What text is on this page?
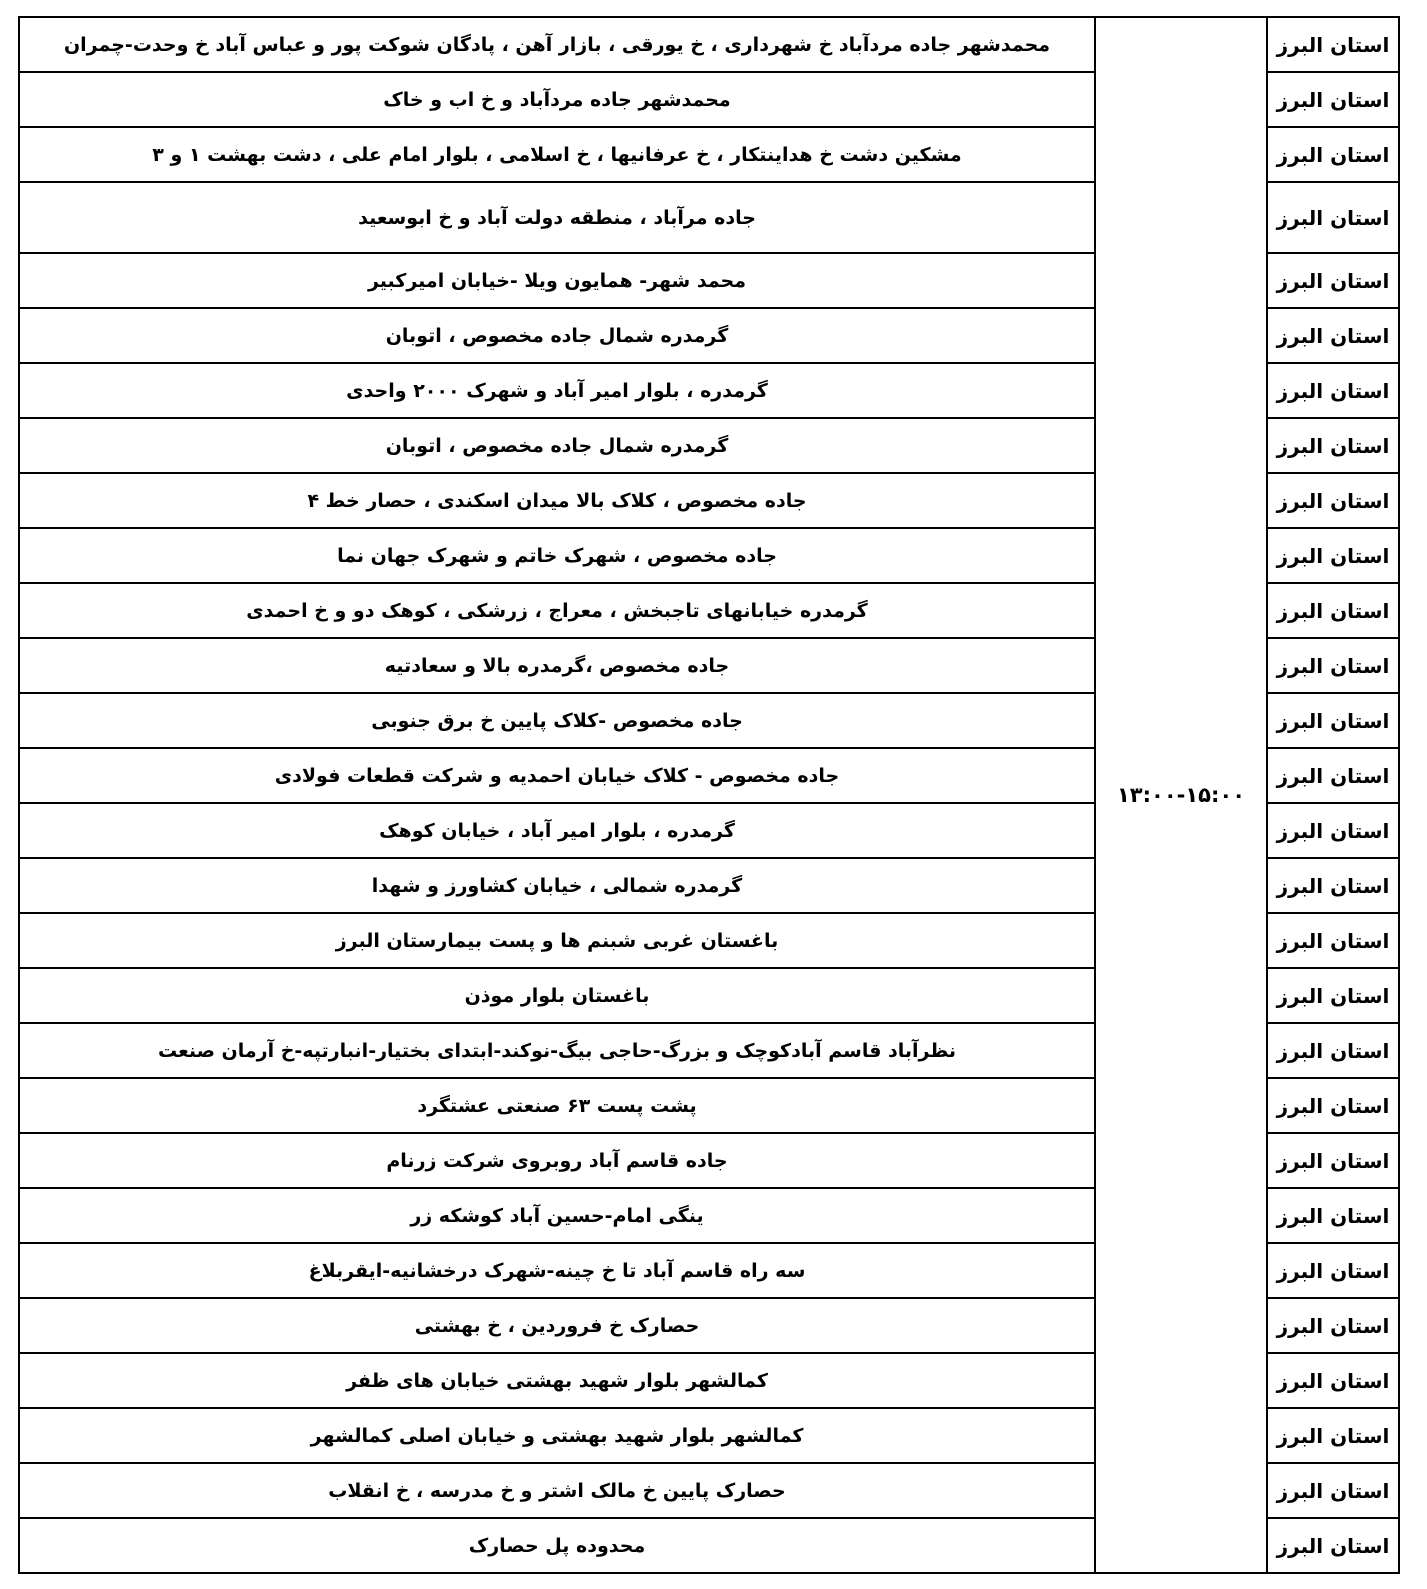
استان البرز	۱۳:۰۰-۱۵:۰۰	محمدشهر جاده مردآباد خ شهرداری ، خ یورقی ، بازار آهن ، پادگان شوکت پور و عباس آباد خ وحدت-چمران
استان البرز		محمدشهر جاده مردآباد و خ اب و خاک
استان البرز		مشکین دشت خ هداینتکار ، خ عرفانیها ، خ اسلامی ، بلوار امام علی ، دشت بهشت ۱ و ۳
استان البرز		جاده مرآباد ، منطقه دولت آباد و خ ابوسعید
استان البرز		محمد شهر- همایون ویلا -خیابان امیرکبیر
استان البرز		گرمدره شمال جاده مخصوص ، اتوبان
استان البرز		گرمدره ، بلوار امیر آباد و شهرک ۲۰۰۰ واحدی
استان البرز		گرمدره شمال جاده مخصوص ، اتوبان
استان البرز		جاده مخصوص ، کلاک بالا میدان اسکندی ، حصار خط ۴
استان البرز		جاده مخصوص ، شهرک خاتم و شهرک جهان نما
استان البرز		گرمدره خیابانهای تاجبخش ، معراج ، زرشکی ، کوهک دو و خ احمدی
استان البرز		جاده مخصوص ،گرمدره بالا و سعادتیه
استان البرز		جاده مخصوص -کلاک پایین خ برق جنوبی
استان البرز		جاده مخصوص - کلاک خیابان احمدیه و شرکت قطعات فولادی
استان البرز		گرمدره ، بلوار امیر آباد ، خیابان کوهک
استان البرز		گرمدره شمالی ، خیابان کشاورز و شهدا
استان البرز		باغستان غربی شبنم ها و پست بیمارستان البرز
استان البرز		باغستان بلوار موذن
استان البرز		نظرآباد قاسم آبادکوچک و بزرگ-حاجی بیگ-نوکند-ابتدای بختیار-انبارتپه-خ آرمان صنعت
استان البرز		پشت پست ۶۳ صنعتی عشتگرد
استان البرز		جاده قاسم آباد روبروی شرکت زرنام
استان البرز		ینگی امام-حسین آباد کوشکه زر
استان البرز		سه راه قاسم آباد تا خ چینه-شهرک درخشانیه-ایقربلاغ
استان البرز		حصارک خ فروردین ، خ بهشتی
استان البرز		کمالشهر بلوار شهید بهشتی خیابان های ظفر
استان البرز		کمالشهر بلوار شهید بهشتی و خیابان اصلی کمالشهر
استان البرز		حصارک پایین خ مالک اشتر و خ مدرسه ، خ انقلاب
استان البرز		محدوده پل حصارک
